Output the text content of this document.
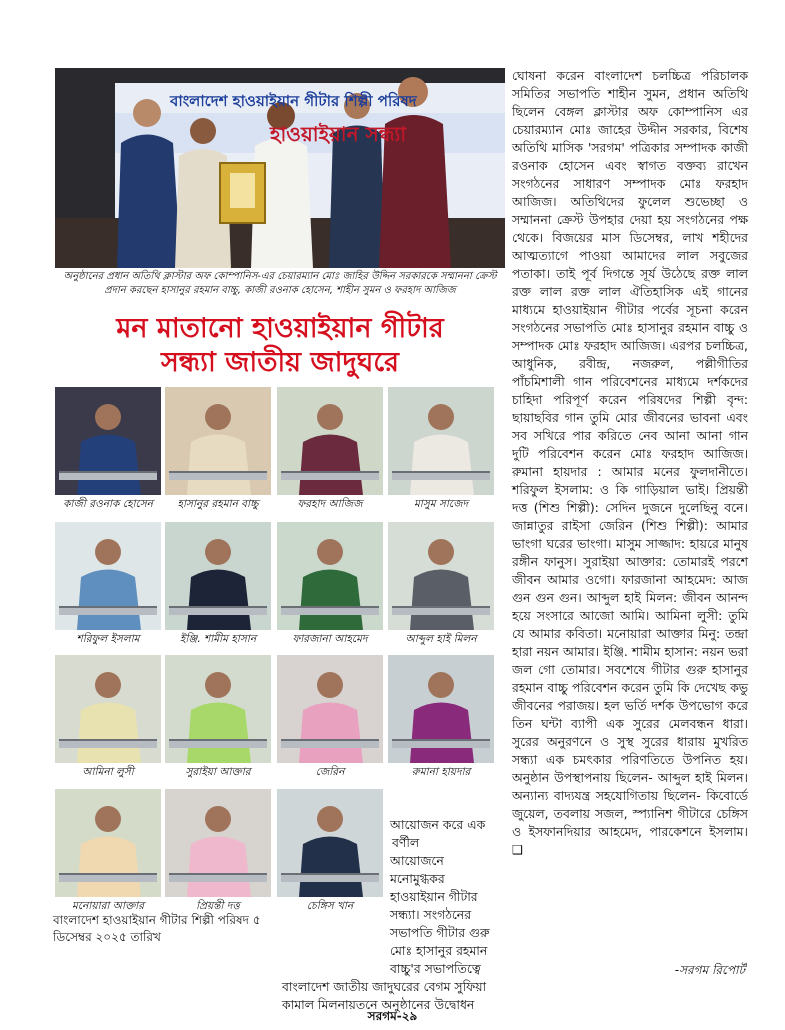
বাংলাদেশ হাওয়াইয়ান গীটার শিল্পী পরিষদ
হাওয়াইয়ান সন্ধ্যা
অনুষ্ঠানের প্রধান অতিথি ক্লাস্টার অফ কোম্পানিস-এর চেয়ারম্যান মোঃ জাহির উদ্দিন সরকারকে সম্মাননা ক্রেস্ট প্রদান করছেন হাসানুর রহমান বাচ্চু, কাজী রওনাক হোসেন, শাহীন সুমন ও ফরহাদ আজিজ
মন মাতানো হাওয়াইয়ান গীটার
সন্ধ্যা জাতীয় জাদুঘরে
কাজী রওনাক হোসেন	হাসানুর রহমান বাচ্চু	ফরহাদ আজিজ	মাসুম সাজেদ
শরিফুল ইসলাম	ইঞ্জি. শামীম হাসান	ফারজানা আহমেদ	আব্দুল হাই মিলন
আমিনা লুসী	সুরাইয়া আক্তার	জেরিন	রুমানা হায়দার
মনোয়ারা আক্তার	প্রিয়ন্তী দত্ত	চেঙ্গিস খান
আয়োজন করে এক
বর্ণীল
আয়োজনে
মনোমুগ্ধকর
হাওয়াইয়ান গীটার
সন্ধ্যা। সংগঠনের
সভাপতি গীটার গুরু
মোঃ হাসানুর রহমান
বাচ্চু'র সভাপতিত্বে
বাংলাদেশ জাতীয় জাদুঘরের বেগম সুফিয়া
কামাল মিলনায়তনে অনুষ্ঠানের উদ্বোধন
বাংলাদেশ হাওয়াইয়ান গীটার শিল্পী পরিষদ ৫ ডিসেম্বর ২০২৫ তারিখ

ঘোষনা করেন বাংলাদেশ চলচ্চিত্র পরিচালক সমিতির সভাপতি শাহীন সুমন, প্রধান অতিথি ছিলেন বেঙ্গল ক্লাস্টার অফ কোম্পানিস এর চেয়ারম্যান মোঃ জাহের উদ্দীন সরকার, বিশেষ অতিথি মাসিক 'সরগম' পত্রিকার সম্পাদক কাজী রওনাক হোসেন এবং স্বাগত বক্তব্য রাখেন সংগঠনের সাধারণ সম্পাদক মোঃ ফরহাদ আজিজ। অতিথিদের ফুলেল শুভেচ্ছা ও সম্মাননা ক্রেস্ট উপহার দেয়া হয় সংগঠনের পক্ষ থেকে। বিজয়ের মাস ডিসেম্বর, লাখ শহীদের আত্মত্যাগে পাওয়া আমাদের লাল সবুজের পতাকা। তাই পূর্ব দিগন্তে সূর্য উঠেছে রক্ত লাল রক্ত লাল রক্ত লাল ঐতিহাসিক এই গানের মাধ্যমে হাওয়াইয়ান গীটার পর্বের সূচনা করেন সংগঠনের সভাপতি মোঃ হাসানুর রহমান বাচ্চু ও সম্পাদক মোঃ ফরহাদ আজিজ। এরপর চলচ্চিত্র, আধুনিক, রবীন্দ্র, নজরুল, পল্লীগীতির পাঁচমিশালী গান পরিবেশনের মাধ্যমে দর্শকদের চাহিদা পরিপূর্ণ করেন পরিষদের শিল্পী বৃন্দ: ছায়াছবির গান তুমি মোর জীবনের ভাবনা এবং সব সখিরে পার করিতে নেব আনা আনা গান দুটি পরিবেশন করেন মোঃ ফরহাদ আজিজ। রুমানা হায়দার : আমার মনের ফুলদানীতে। শরিফুল ইসলাম: ও কি গাড়িয়াল ভাই। প্রিয়ন্তী দত্ত (শিশু শিল্পী): সেদিন দুজনে দুলেছিনু বনে। জান্নাতুর রাইসা জেরিন (শিশু শিল্পী): আমার ভাংগা ঘরের ভাংগা। মাসুম সাজ্জাদ: হায়রে মানুষ রঙ্গীন ফানুস। সুরাইয়া আক্তার: তোমারই পরশে জীবন আমার ওগো। ফারজানা আহমেদ: আজ গুন গুন গুন। আব্দুল হাই মিলন: জীবন আনন্দ হয়ে সংসারে আজো আমি। আমিনা লুসী: তুমি যে আমার কবিতা। মনোয়ারা আক্তার মিনু: তন্দ্রা হারা নয়ন আমার। ইঞ্জি. শামীম হাসান: নয়ন ভরা জল গো তোমার। সবশেষে গীটার গুরু হাসানুর রহমান বাচ্চু পরিবেশন করেন তুমি কি দেখেছ কভু জীবনের পরাজয়। হল ভর্তি দর্শক উপভোগ করে তিন ঘন্টা ব্যাপী এক সুরের মেলবন্ধন ধারা। সুরের অনুরণনে ও সুস্থ সুরের ধারায় মুখরিত সন্ধ্যা এক চমৎকার পরিণতিতে উপনিত হয়। অনুষ্ঠান উপস্থাপনায় ছিলেন- আব্দুল হাই মিলন। অন্যান্য বাদ্যযন্ত্র সহযোগিতায় ছিলেন- কিবোর্ডে জুয়েল, তবলায় সজল, স্প্যানিশ গীটারে চেঙ্গিস ও ইসফানদিয়ার আহমেদ, পারকেশনে ইসলাম। ❑

-সরগম রিপোর্ট
সরগম-২৯
